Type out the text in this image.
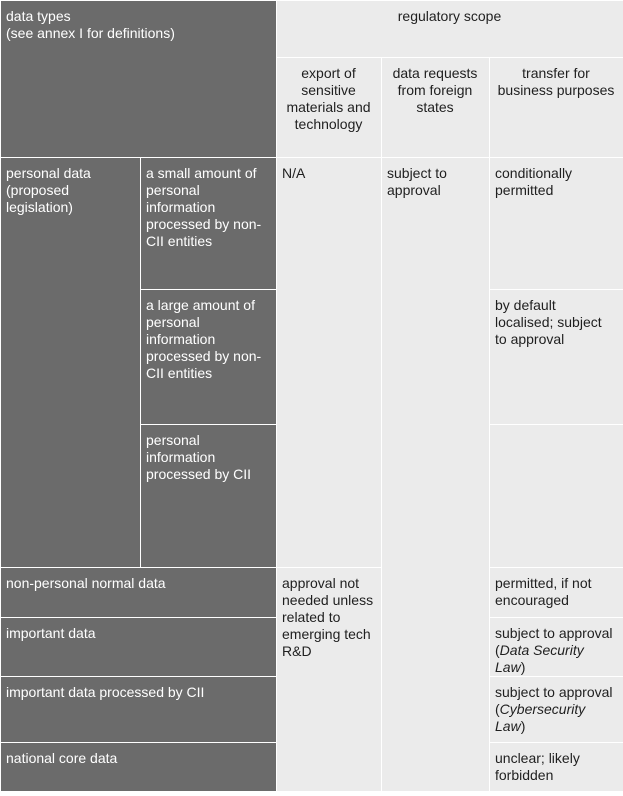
data types
(see annex I for definitions)		regulatory scope		
		export of sensitive materials and technology	data requests from foreign states	transfer for business purposes
personal data (proposed legislation)	a small amount of personal information processed by non-CII entities	N/A	subject to approval	conditionally permitted
	a large amount of personal information processed by non-CII entities			by default localised; subject to approval
	personal information processed by CII			
non-personal normal data		approval not needed unless related to emerging tech R&D		permitted, if not encouraged
important data				subject to approval (Data Security Law)
important data processed by CII				subject to approval (Cybersecurity Law)
national core data				unclear; likely forbidden
